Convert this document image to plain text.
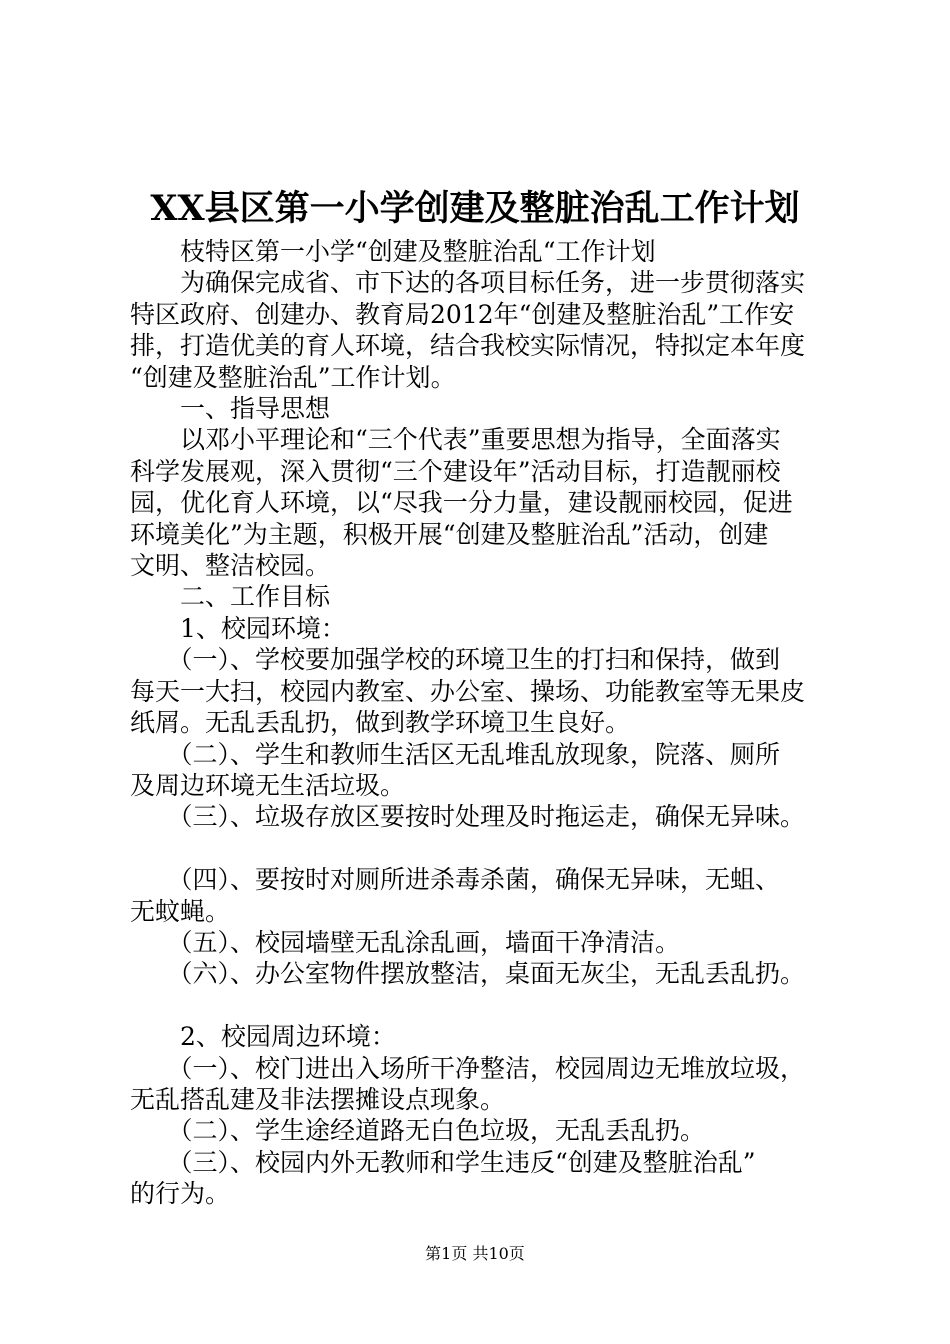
XX县区第一小学创建及整脏治乱工作计划
　　枝特区第一小学“创建及整脏治乱“工作计划
　　为确保完成省、市下达的各项目标任务，进一步贯彻落实
特区政府、创建办、教育局2012年“创建及整脏治乱”工作安
排，打造优美的育人环境，结合我校实际情况，特拟定本年度
“创建及整脏治乱”工作计划。
　　一、指导思想
　　以邓小平理论和“三个代表”重要思想为指导，全面落实
科学发展观，深入贯彻“三个建设年”活动目标，打造靓丽校
园，优化育人环境，以“尽我一分力量，建设靓丽校园，促进
环境美化”为主题，积极开展“创建及整脏治乱”活动，创建
文明、整洁校园。
　　二、工作目标
　　1、校园环境：
　　（一）、学校要加强学校的环境卫生的打扫和保持，做到
每天一大扫，校园内教室、办公室、操场、功能教室等无果皮
纸屑。无乱丢乱扔，做到教学环境卫生良好。
　　（二）、学生和教师生活区无乱堆乱放现象，院落、厕所
及周边环境无生活垃圾。
　　（三）、垃圾存放区要按时处理及时拖运走，确保无异味。
　　（四）、要按时对厕所进杀毒杀菌，确保无异味，无蛆、
无蚊蝇。
　　（五）、校园墙壁无乱涂乱画，墙面干净清洁。
　　（六）、办公室物件摆放整洁，桌面无灰尘，无乱丢乱扔。
　　2、校园周边环境：
　　（一）、校门进出入场所干净整洁，校园周边无堆放垃圾，
无乱搭乱建及非法摆摊设点现象。
　　（二）、学生途经道路无白色垃圾，无乱丢乱扔。
　　（三）、校园内外无教师和学生违反“创建及整脏治乱”
的行为。
第1页 共10页
